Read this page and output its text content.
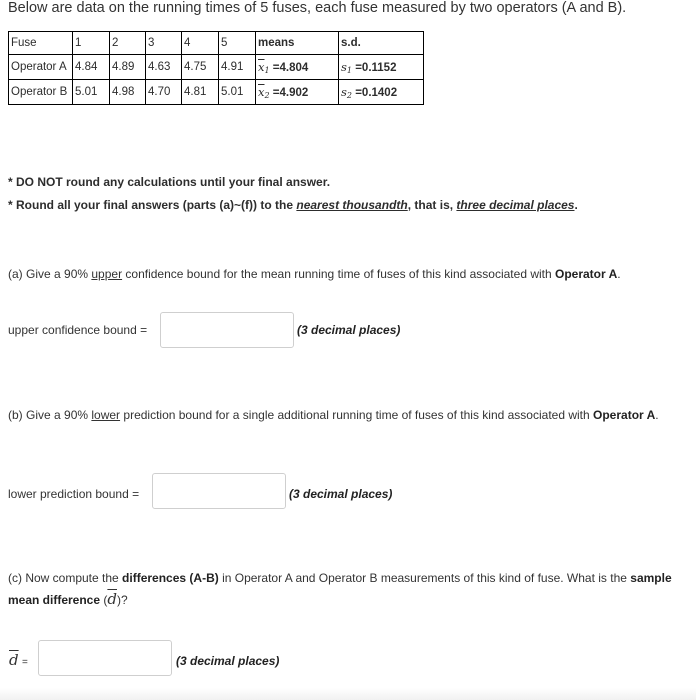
Below are data on the running times of 5 fuses, each fuse measured by two operators (A and B).
Fuse	1	2	3	4	5	means	s.d.
Operator A	4.84	4.89	4.63	4.75	4.91	$\overline{x}_1 =4.804$	$s_1 =0.1152$
Operator B	5.01	4.98	4.70	4.81	5.01	$\overline{x}_2 =4.902$	$s_2 =0.1402$
* DO NOT round any calculations until your final answer.
* Round all your final answers (parts (a)~(f)) to the nearest thousandth, that is, three decimal places.
(a) Give a 90% upper confidence bound for the mean running time of fuses of this kind associated with Operator A.
upper confidence bound =	(3 decimal places)
(b) Give a 90% lower prediction bound for a single additional running time of fuses of this kind associated with Operator A.
lower prediction bound =	(3 decimal places)
(c) Now compute the differences (A-B) in Operator A and Operator B measurements of this kind of fuse. What is the sample mean difference $(\overline{d})$?
$\overline{d}$ =	(3 decimal places)
